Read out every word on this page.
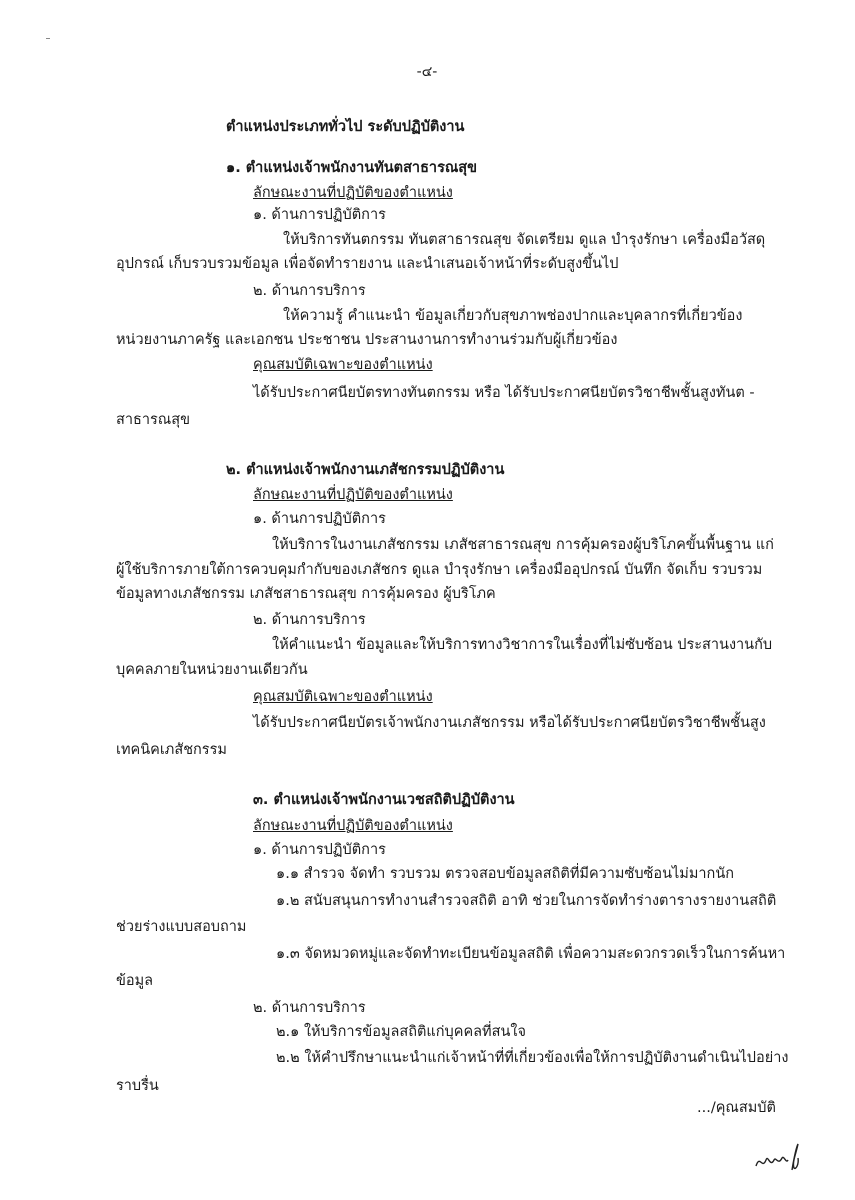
-๔-
ตำแหน่งประเภททั่วไป ระดับปฏิบัติงาน
๑. ตำแหน่งเจ้าพนักงานทันตสาธารณสุข
ลักษณะงานที่ปฏิบัติของตำแหน่ง
๑. ด้านการปฏิบัติการ
ให้บริการทันตกรรม ทันตสาธารณสุข จัดเตรียม ดูแล บำรุงรักษา เครื่องมือวัสดุ
อุปกรณ์ เก็บรวบรวมข้อมูล เพื่อจัดทำรายงาน และนำเสนอเจ้าหน้าที่ระดับสูงขึ้นไป
๒. ด้านการบริการ
ให้ความรู้ คำแนะนำ ข้อมูลเกี่ยวกับสุขภาพช่องปากและบุคลากรที่เกี่ยวข้อง
หน่วยงานภาครัฐ และเอกชน ประชาชน ประสานงานการทำงานร่วมกับผู้เกี่ยวข้อง
คุณสมบัติเฉพาะของตำแหน่ง
ได้รับประกาศนียบัตรทางทันตกรรม หรือ ได้รับประกาศนียบัตรวิชาชีพชั้นสูงทันต -
สาธารณสุข
๒. ตำแหน่งเจ้าพนักงานเภสัชกรรมปฏิบัติงาน
ลักษณะงานที่ปฏิบัติของตำแหน่ง
๑. ด้านการปฏิบัติการ
ให้บริการในงานเภสัชกรรม เภสัชสาธารณสุข การคุ้มครองผู้บริโภคขั้นพื้นฐาน แก่
ผู้ใช้บริการภายใต้การควบคุมกำกับของเภสัชกร ดูแล บำรุงรักษา เครื่องมืออุปกรณ์ บันทึก จัดเก็บ รวบรวม
ข้อมูลทางเภสัชกรรม เภสัชสาธารณสุข การคุ้มครอง ผู้บริโภค
๒. ด้านการบริการ
ให้คำแนะนำ ข้อมูลและให้บริการทางวิชาการในเรื่องที่ไม่ซับซ้อน ประสานงานกับ
บุคคลภายในหน่วยงานเดียวกัน
คุณสมบัติเฉพาะของตำแหน่ง
ได้รับประกาศนียบัตรเจ้าพนักงานเภสัชกรรม หรือได้รับประกาศนียบัตรวิชาชีพชั้นสูง
เทคนิคเภสัชกรรม
๓. ตำแหน่งเจ้าพนักงานเวชสถิติปฏิบัติงาน
ลักษณะงานที่ปฏิบัติของตำแหน่ง
๑. ด้านการปฏิบัติการ
๑.๑ สำรวจ จัดทำ รวบรวม ตรวจสอบข้อมูลสถิติที่มีความซับซ้อนไม่มากนัก
๑.๒ สนับสนุนการทำงานสำรวจสถิติ อาทิ ช่วยในการจัดทำร่างตารางรายงานสถิติ
ช่วยร่างแบบสอบถาม
๑.๓ จัดหมวดหมู่และจัดทำทะเบียนข้อมูลสถิติ เพื่อความสะดวกรวดเร็วในการค้นหา
ข้อมูล
๒. ด้านการบริการ
๒.๑ ให้บริการข้อมูลสถิติแก่บุคคลที่สนใจ
๒.๒ ให้คำปรึกษาแนะนำแก่เจ้าหน้าที่ที่เกี่ยวข้องเพื่อให้การปฏิบัติงานดำเนินไปอย่าง
ราบรื่น
.../คุณสมบัติ
